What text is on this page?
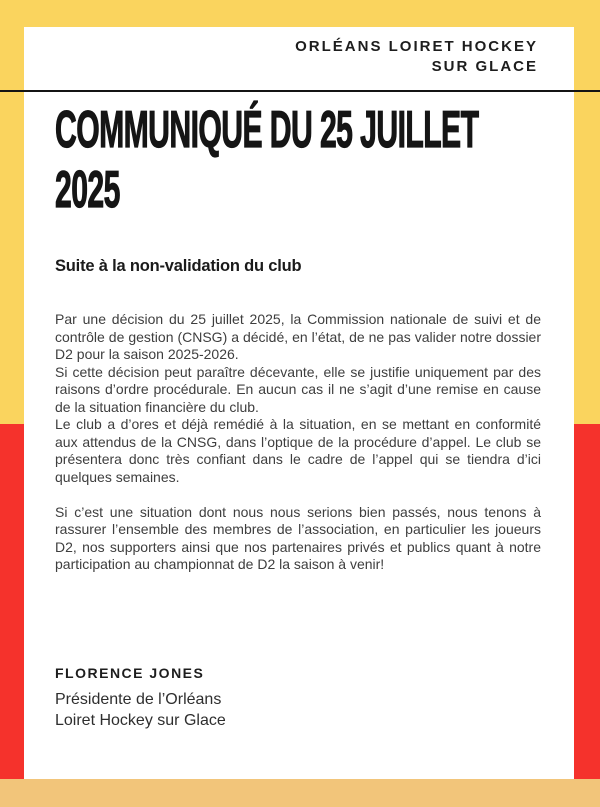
ORLÉANS LOIRET HOCKEY
SUR GLACE
COMMUNIQUÉ DU 25 JUILLET
2025
Suite à la non-validation du club

Par une décision du 25 juillet 2025, la Commission nationale de suivi et de contrôle de gestion (CNSG) a décidé, en l’état, de ne pas valider notre dossier D2 pour la saison 2025-2026.

Si cette décision peut paraître décevante, elle se justifie uniquement par des raisons d’ordre procédurale. En aucun cas il ne s’agit d’une remise en cause de la situation financière du club.

Le club a d’ores et déjà remédié à la situation, en se mettant en conformité aux attendus de la CNSG, dans l’optique de la procédure d’appel. Le club se présentera donc très confiant dans le cadre de l’appel qui se tiendra d’ici quelques semaines.

Si c’est une situation dont nous nous serions bien passés, nous tenons à rassurer l’ensemble des membres de l’association, en particulier les joueurs D2, nos supporters ainsi que nos partenaires privés et publics quant à notre participation au championnat de D2 la saison à venir!

FLORENCE JONES
Présidente de l’Orléans
Loiret Hockey sur Glace
